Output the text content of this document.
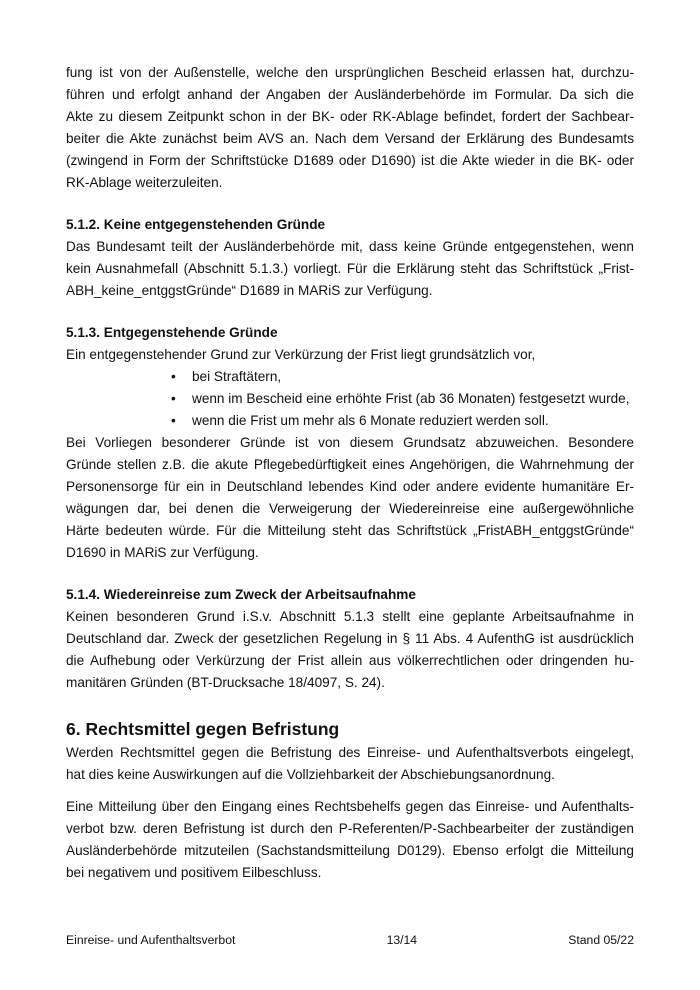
fung ist von der Außenstelle, welche den ursprünglichen Bescheid erlassen hat, durchzu-

führen und erfolgt anhand der Angaben der Ausländerbehörde im Formular. Da sich die

Akte zu diesem Zeitpunkt schon in der BK- oder RK-Ablage befindet, fordert der Sachbear-

beiter die Akte zunächst beim AVS an. Nach dem Versand der Erklärung des Bundesamts

(zwingend in Form der Schriftstücke D1689 oder D1690) ist die Akte wieder in die BK- oder

RK-Ablage weiterzuleiten.

5.1.2. Keine entgegenstehenden Gründe

Das Bundesamt teilt der Ausländerbehörde mit, dass keine Gründe entgegenstehen, wenn

kein Ausnahmefall (Abschnitt 5.1.3.) vorliegt. Für die Erklärung steht das Schriftstück „Frist-

ABH_keine_entggstGründe“ D1689 in MARiS zur Verfügung.

5.1.3. Entgegenstehende Gründe

Ein entgegenstehender Grund zur Verkürzung der Frist liegt grundsätzlich vor,

• bei Straftätern,
• wenn im Bescheid eine erhöhte Frist (ab 36 Monaten) festgesetzt wurde,
• wenn die Frist um mehr als 6 Monate reduziert werden soll.

Bei Vorliegen besonderer Gründe ist von diesem Grundsatz abzuweichen. Besondere

Gründe stellen z.B. die akute Pflegebedürftigkeit eines Angehörigen, die Wahrnehmung der

Personensorge für ein in Deutschland lebendes Kind oder andere evidente humanitäre Er-

wägungen dar, bei denen die Verweigerung der Wiedereinreise eine außergewöhnliche

Härte bedeuten würde. Für die Mitteilung steht das Schriftstück „FristABH_entggstGründe“

D1690 in MARiS zur Verfügung.

5.1.4. Wiedereinreise zum Zweck der Arbeitsaufnahme

Keinen besonderen Grund i.S.v. Abschnitt 5.1.3 stellt eine geplante Arbeitsaufnahme in

Deutschland dar. Zweck der gesetzlichen Regelung in § 11 Abs. 4 AufenthG ist ausdrücklich

die Aufhebung oder Verkürzung der Frist allein aus völkerrechtlichen oder dringenden hu-

manitären Gründen (BT-Drucksache 18/4097, S. 24).

6. Rechtsmittel gegen Befristung

Werden Rechtsmittel gegen die Befristung des Einreise- und Aufenthaltsverbots eingelegt,

hat dies keine Auswirkungen auf die Vollziehbarkeit der Abschiebungsanordnung.

Eine Mitteilung über den Eingang eines Rechtsbehelfs gegen das Einreise- und Aufenthalts-

verbot bzw. deren Befristung ist durch den P-Referenten/P-Sachbearbeiter der zuständigen

Ausländerbehörde mitzuteilen (Sachstandsmitteilung D0129). Ebenso erfolgt die Mitteilung

bei negativem und positivem Eilbeschluss.

Einreise- und Aufenthaltsverbot	13/14	Stand 05/22
